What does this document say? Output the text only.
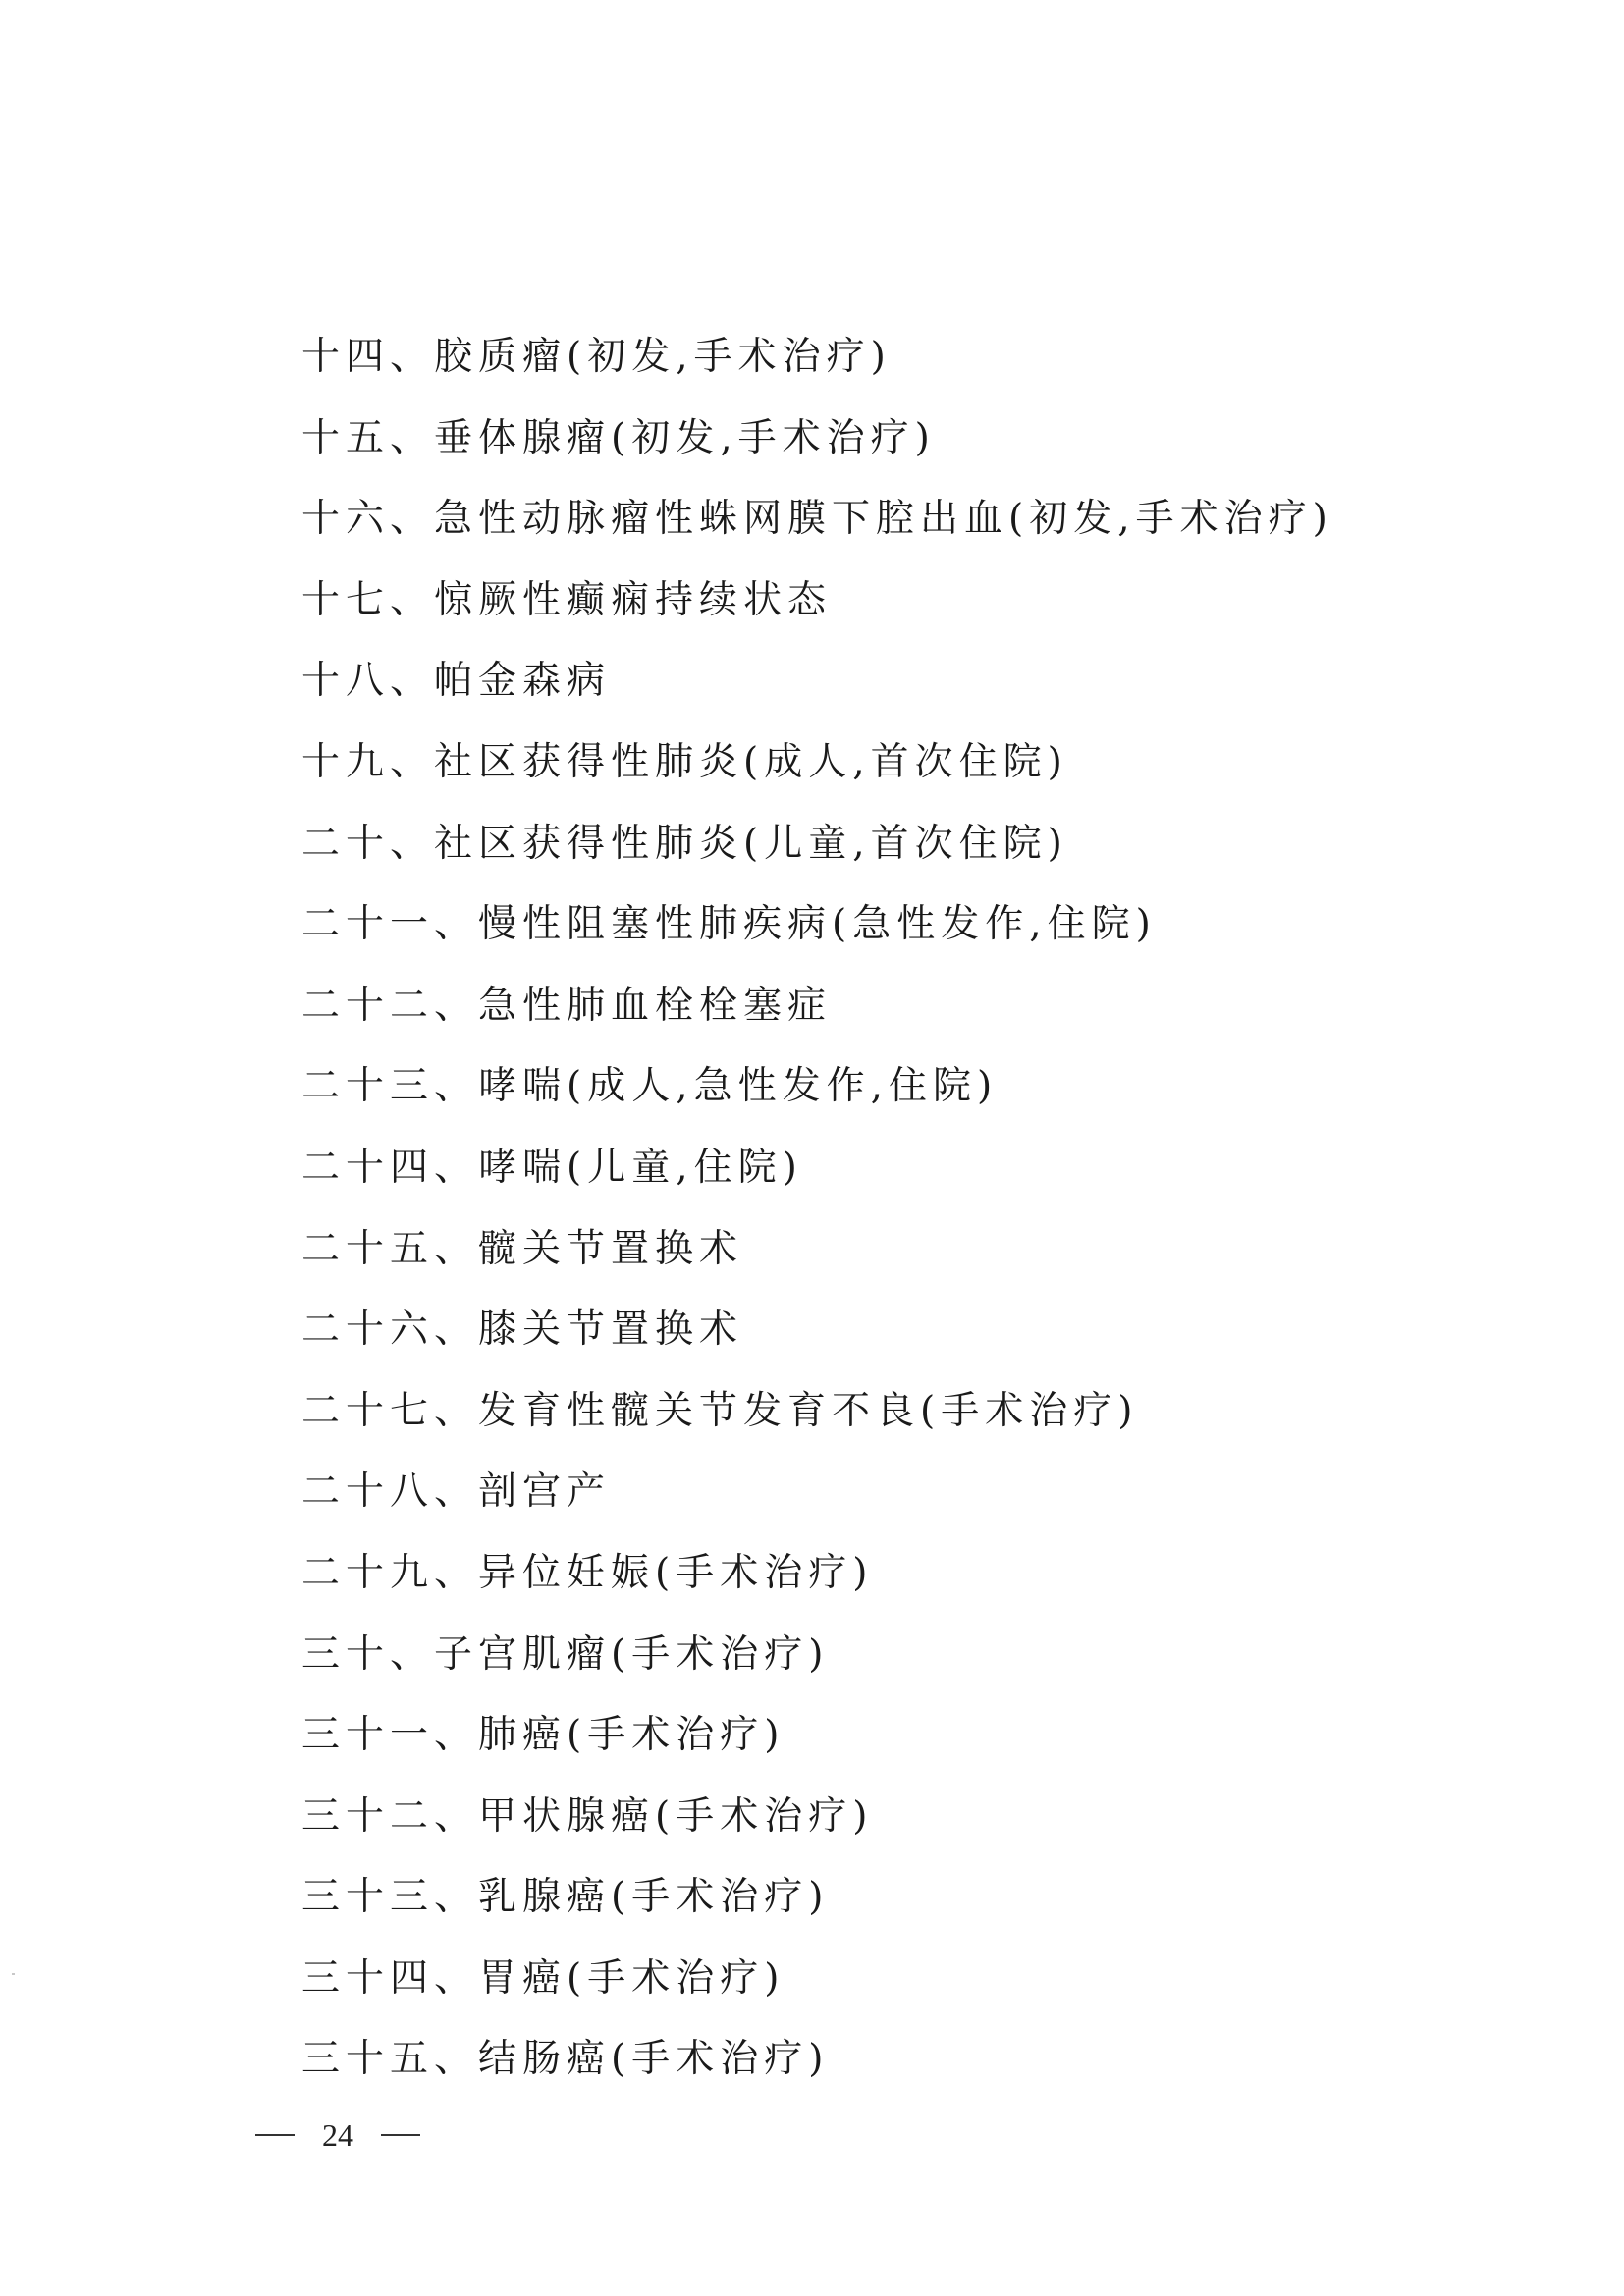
十四、胶质瘤(初发,手术治疗)
十五、垂体腺瘤(初发,手术治疗)
十六、急性动脉瘤性蛛网膜下腔出血(初发,手术治疗)
十七、惊厥性癫痫持续状态
十八、帕金森病
十九、社区获得性肺炎(成人,首次住院)
二十、社区获得性肺炎(儿童,首次住院)
二十一、慢性阻塞性肺疾病(急性发作,住院)
二十二、急性肺血栓栓塞症
二十三、哮喘(成人,急性发作,住院)
二十四、哮喘(儿童,住院)
二十五、髋关节置换术
二十六、膝关节置换术
二十七、发育性髋关节发育不良(手术治疗)
二十八、剖宫产
二十九、异位妊娠(手术治疗)
三十、子宫肌瘤(手术治疗)
三十一、肺癌(手术治疗)
三十二、甲状腺癌(手术治疗)
三十三、乳腺癌(手术治疗)
三十四、胃癌(手术治疗)
三十五、结肠癌(手术治疗)
24
